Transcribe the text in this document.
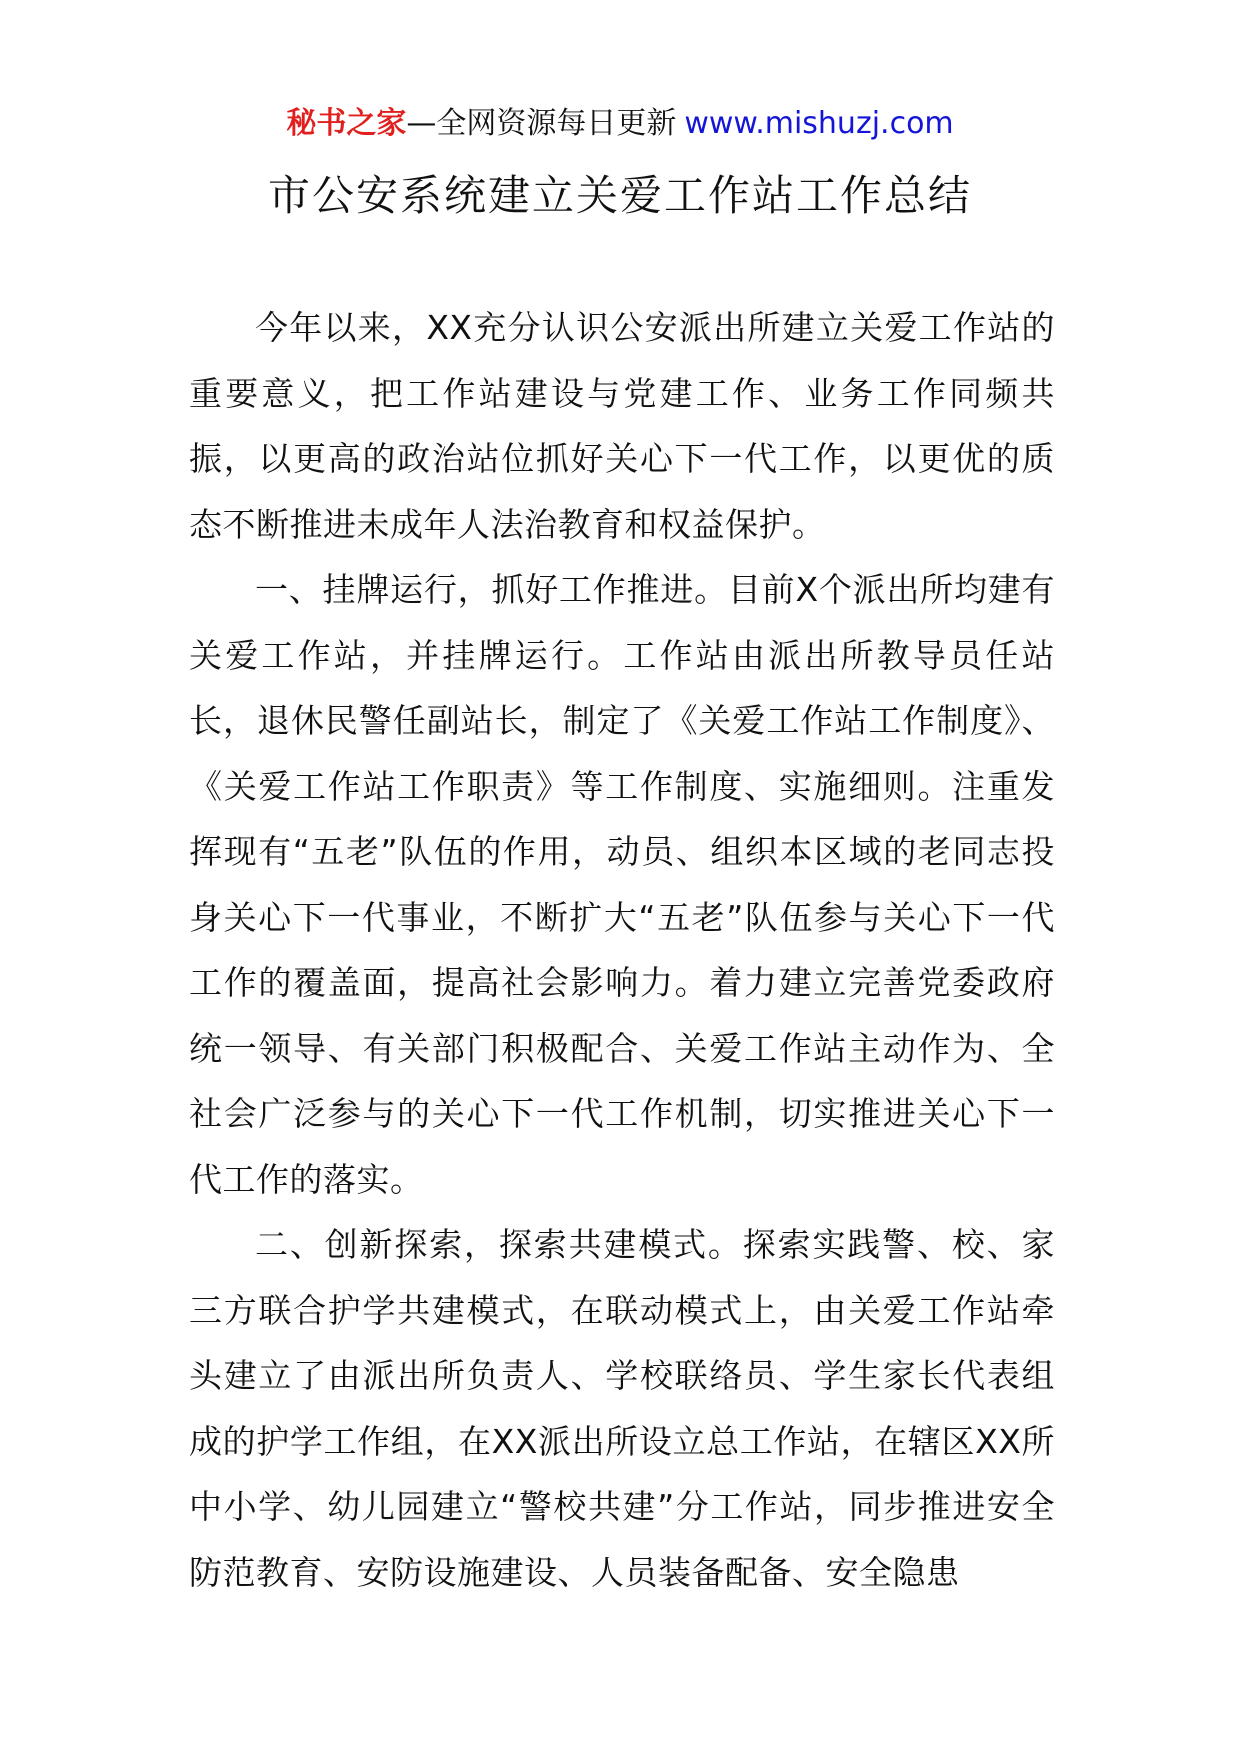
秘书之家—全网资源每日更新 www.mishuzj.com
市公安系统建立关爱工作站工作总结

今年以来，XX充分认识公安派出所建立关爱工作站的重要意义，把工作站建设与党建工作、业务工作同频共振，以更高的政治站位抓好关心下一代工作，以更优的质态不断推进未成年人法治教育和权益保护。

一、挂牌运行，抓好工作推进。目前X个派出所均建有关爱工作站，并挂牌运行。工作站由派出所教导员任站长，退休民警任副站长，制定了《关爱工作站工作制度》、《关爱工作站工作职责》等工作制度、实施细则。注重发挥现有“五老”队伍的作用，动员、组织本区域的老同志投身关心下一代事业，不断扩大“五老”队伍参与关心下一代工作的覆盖面，提高社会影响力。着力建立完善党委政府统一领导、有关部门积极配合、关爱工作站主动作为、全社会广泛参与的关心下一代工作机制，切实推进关心下一代工作的落实。

二、创新探索，探索共建模式。探索实践警、校、家三方联合护学共建模式，在联动模式上，由关爱工作站牵头建立了由派出所负责人、学校联络员、学生家长代表组成的护学工作组，在XX派出所设立总工作站，在辖区XX所中小学、幼儿园建立“警校共建”分工作站，同步推进安全防范教育、安防设施建设、人员装备配备、安全隐患
